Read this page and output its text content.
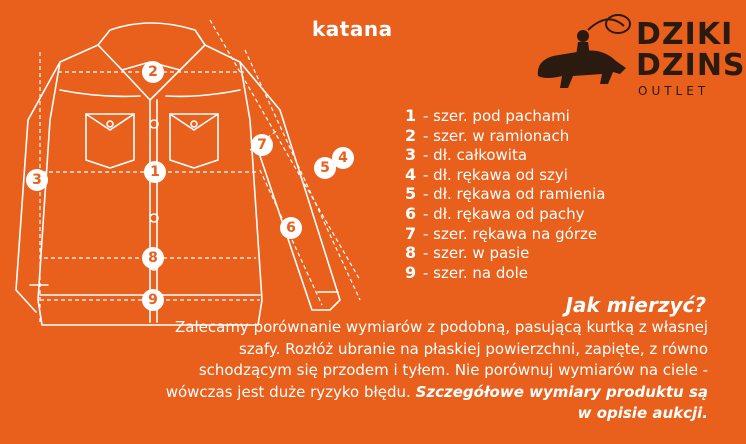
1
2
3
4
5
6
7
8
9
katana	DZIKI
DZINS
OUTLET
1 - szer. pod pachami
2 - szer. w ramionach
3 - dł. całkowita
4 - dł. rękawa od szyi
5 - dł. rękawa od ramienia
6 - dł. rękawa od pachy
7 - szer. rękawa na górze
8 - szer. w pasie
9 - szer. na dole
Jak mierzyć?
Zalecamy porównanie wymiarów z podobną, pasującą kurtką z własnej szafy. Rozłóż ubranie na płaskiej powierzchni, zapięte, z równo schodzącym się przodem i tyłem. Nie porównuj wymiarów na ciele - wówczas jest duże ryzyko błędu. Szczegółowe wymiary produktu są w opisie aukcji.
